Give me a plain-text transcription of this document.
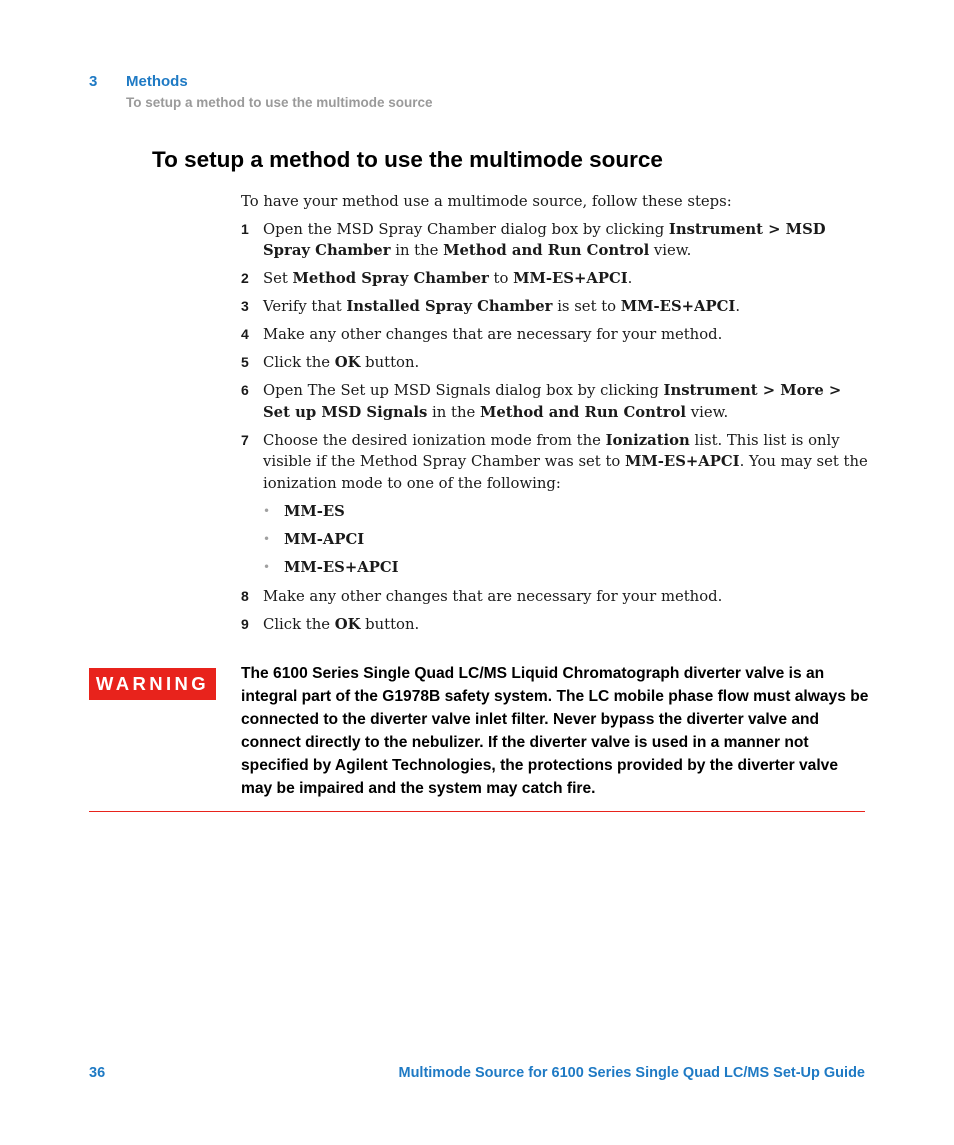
3 Methods
To setup a method to use the multimode source
To setup a method to use the multimode source

To have your method use a multimode source, follow these steps:

1 Open the MSD Spray Chamber dialog box by clicking Instrument > MSD Spray Chamber in the Method and Run Control view.
2 Set Method Spray Chamber to MM-ES+APCI.
3 Verify that Installed Spray Chamber is set to MM-ES+APCI.
4 Make any other changes that are necessary for your method.
5 Click the OK button.
6 Open The Set up MSD Signals dialog box by clicking Instrument > More > Set up MSD Signals in the Method and Run Control view.
7 Choose the desired ionization mode from the Ionization list. This list is only visible if the Method Spray Chamber was set to MM-ES+APCI. You may set the ionization mode to one of the following:
• MM-ES
• MM-APCI
• MM-ES+APCI
8 Make any other changes that are necessary for your method.
9 Click the OK button.
WARNING	The 6100 Series Single Quad LC/MS Liquid Chromatograph diverter valve is an integral part of the G1978B safety system. The LC mobile phase flow must always be connected to the diverter valve inlet filter. Never bypass the diverter valve and connect directly to the nebulizer. If the diverter valve is used in a manner not specified by Agilent Technologies, the protections provided by the diverter valve may be impaired and the system may catch fire.

36	Multimode Source for 6100 Series Single Quad LC/MS Set-Up Guide
